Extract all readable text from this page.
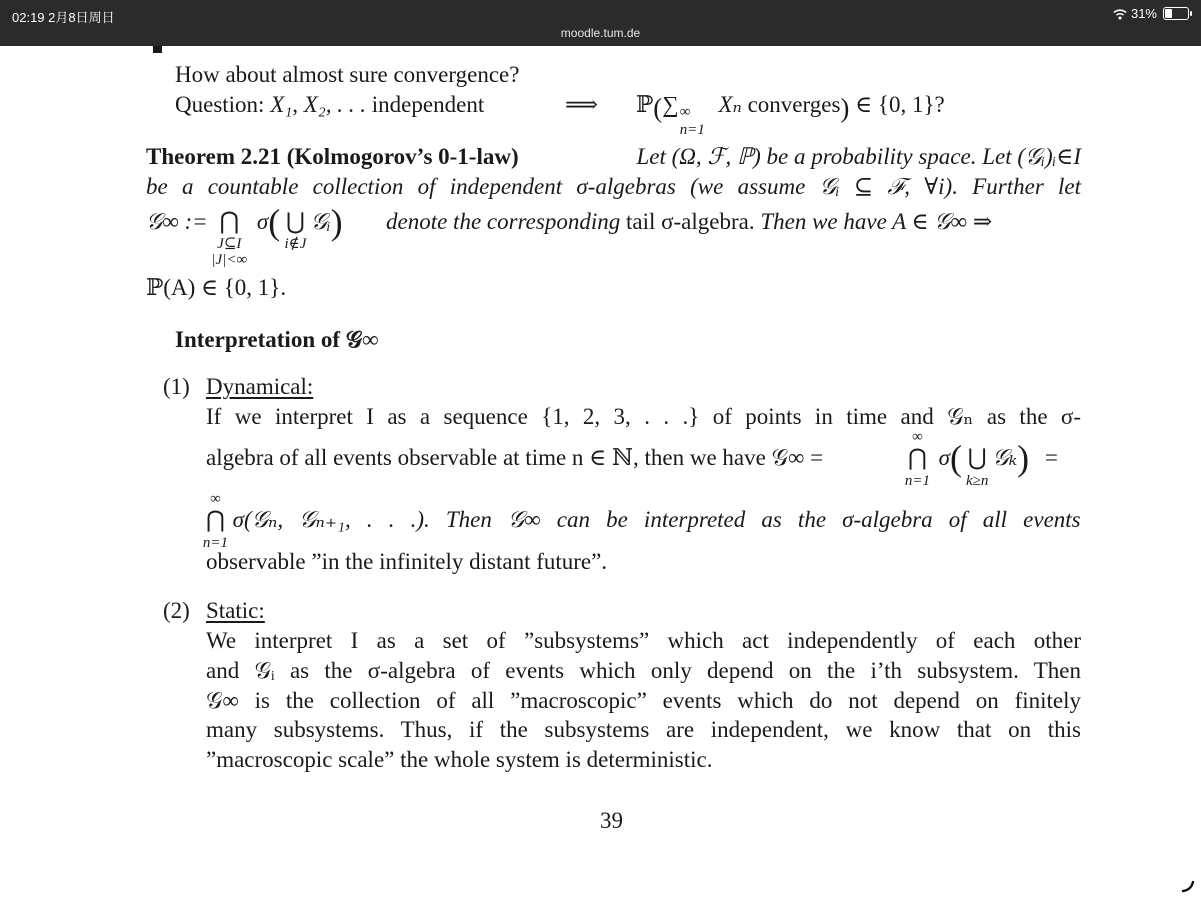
02:19 2月8日周日
moodle.tum.de
31%
How about almost sure convergence?
Question: X₁, X₂, . . . independent	⟹ ℙ(∑ ∞
n=1
Xₙ converges) ∈ {0, 1}?
Theorem 2.21 (Kolmogorov’s 0-1-law)	Let (Ω, ℱ, ℙ) be a probability space. Let (𝒢ᵢ)ᵢ∈I
be a countable collection of independent σ-algebras (we assume 𝒢ᵢ ⊆ ℱ, ∀i). Further let
𝒢∞ := ⋂
J⊆I
|J|<∞
σ( ⋃
i∉J
𝒢ᵢ) denote the corresponding tail σ-algebra. Then we have A ∈ 𝒢∞ ⇒
ℙ(A) ∈ {0, 1}.
Interpretation of 𝒢∞
(1) Dynamical:
If we interpret I as a sequence {1, 2, 3, . . .} of points in time and 𝒢ₙ as the σ-
algebra of all events observable at time n ∈ ℕ, then we have 𝒢∞ =
∞
⋂
n=1
σ( ⋃
k≥n
𝒢ₖ) =
∞
⋂
n=1
σ(𝒢ₙ, 𝒢ₙ₊₁, . . .). Then 𝒢∞ can be interpreted as the σ-algebra of all events
observable ”in the infinitely distant future”.
(2) Static:
We interpret I as a set of ”subsystems” which act independently of each other
and 𝒢ᵢ as the σ-algebra of events which only depend on the i’th subsystem. Then
𝒢∞ is the collection of all ”macroscopic” events which do not depend on finitely
many subsystems. Thus, if the subsystems are independent, we know that on this
”macroscopic scale” the whole system is deterministic.
39
